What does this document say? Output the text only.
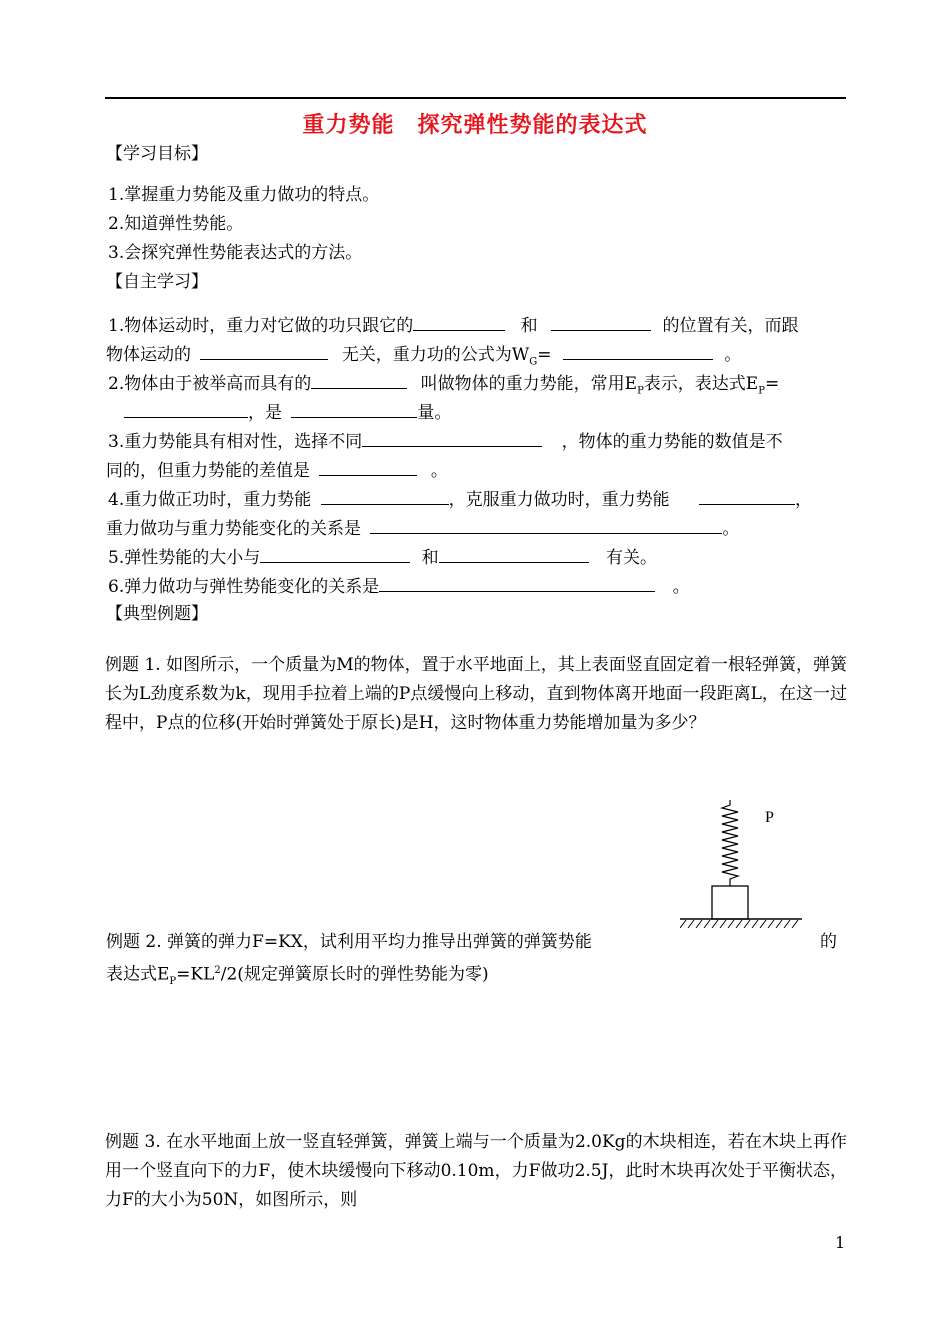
重力势能　探究弹性势能的表达式
【学习目标】
1.掌握重力势能及重力做功的特点。
2.知道弹性势能。
3.会探究弹性势能表达式的方法。
【自主学习】
1.物体运动时，重力对它做的功只跟它的	和	的位置有关，而跟
物体运动的	无关，重力功的公式为$W_G=$	。
2.物体由于被举高而具有的	叫做物体的重力势能，常用$E_P$表示，表达式$E_P=$
，是	量。
3.重力势能具有相对性，选择不同	，物体的重力势能的数值是不
同的，但重力势能的差值是	。
4.重力做正功时，重力势能	，克服重力做功时，重力势能	，
重力做功与重力势能变化的关系是	。
5.弹性势能的大小与	和	有关。
6.弹力做功与弹性势能变化的关系是	。
【典型例题】
例题 1. 如图所示，一个质量为M的物体，置于水平地面上，其上表面竖直固定着一根轻弹簧，弹簧长为L劲度系数为k，现用手拉着上端的P点缓慢向上移动，直到物体离开地面一段距离L，在这一过程中，P点的位移(开始时弹簧处于原长)是H，这时物体重力势能增加量为多少？
P
例题 2. 弹簧的弹力F=KX，试利用平均力推导出弹簧的弹簧势能	的
表达式$E_P=KL^2/2$(规定弹簧原长时的弹性势能为零)
例题 3. 在水平地面上放一竖直轻弹簧，弹簧上端与一个质量为2.0Kg的木块相连，若在木块上再作用一个竖直向下的力F，使木块缓慢向下移动0.10m，力F做功2.5J，此时木块再次处于平衡状态，力F的大小为50N，如图所示，则
1
